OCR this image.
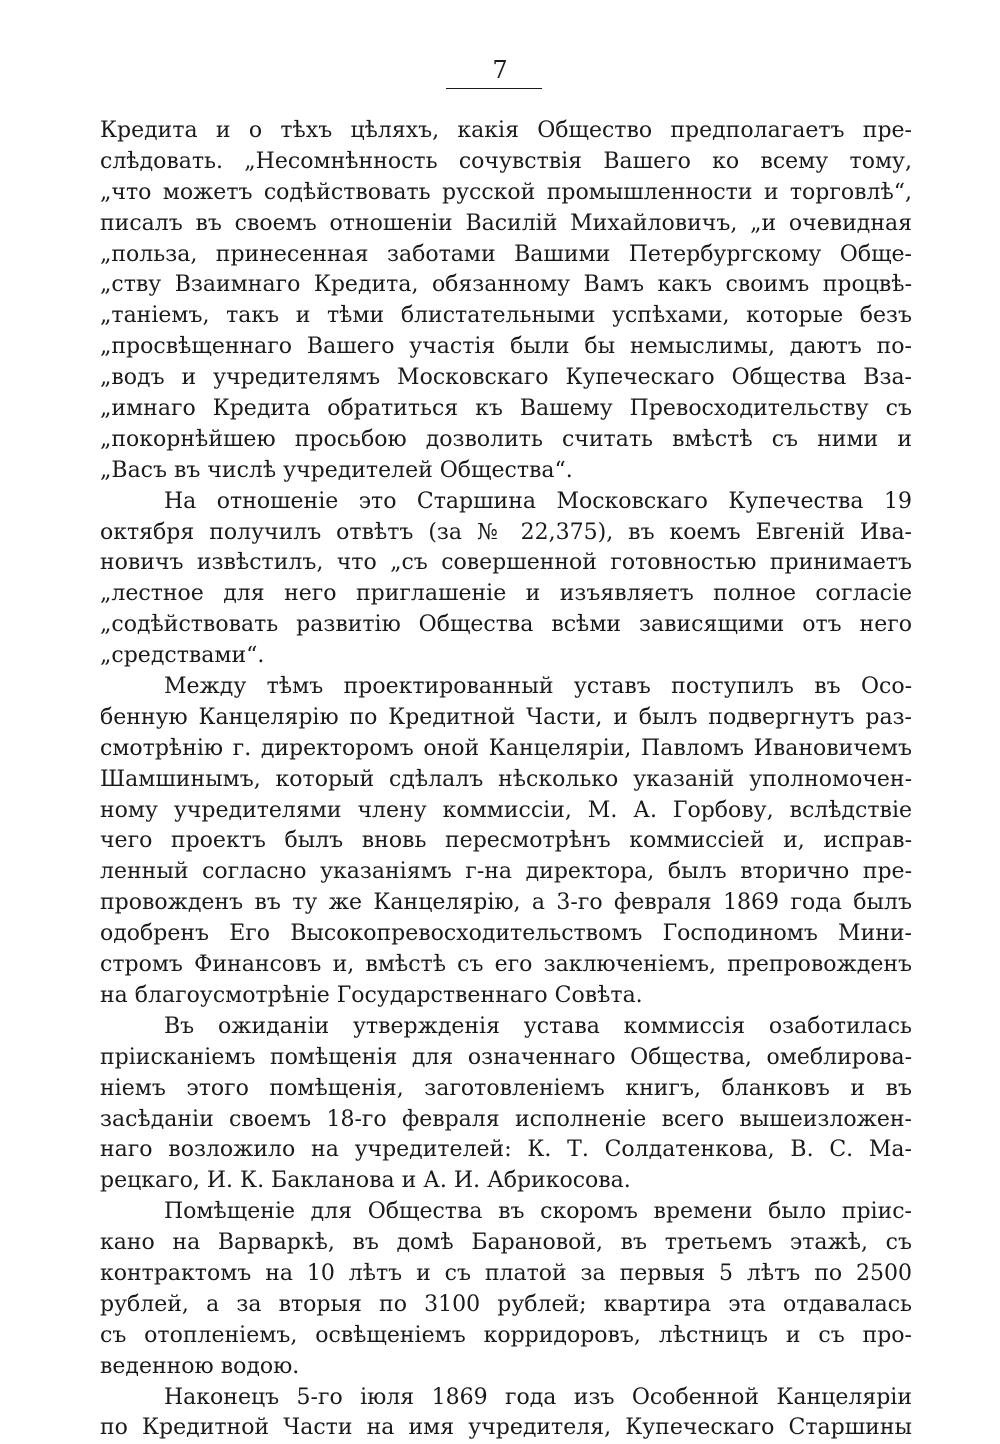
7
Кредита и о тѣхъ цѣляхъ, какія Общество предполагаетъ пре-
слѣдовать. „Несомнѣнность сочувствія Вашего ко всему тому,
„что можетъ содѣйствовать русской промышленности и торговлѣ“,
писалъ въ своемъ отношеніи Василій Михайловичъ, „и очевидная
„польза, принесенная заботами Вашими Петербургскому Обще-
„ству Взаимнаго Кредита, обязанному Вамъ какъ своимъ процвѣ-
„таніемъ, такъ и тѣми блистательными успѣхами, которые безъ
„просвѣщеннаго Вашего участія были бы немыслимы, даютъ по-
„водъ и учредителямъ Московскаго Купеческаго Общества Вза-
„имнаго Кредита обратиться къ Вашему Превосходительству съ
„покорнѣйшею просьбою дозволить считать вмѣстѣ съ ними и
„Васъ въ числѣ учредителей Общества“.
На отношеніе это Старшина Московскаго Купечества 19
октября получилъ отвѣтъ (за № 22,375), въ коемъ Евгеній Ива-
новичъ извѣстилъ, что „съ совершенной готовностью принимаетъ
„лестное для него приглашеніе и изъявляетъ полное согласіе
„содѣйствовать развитію Общества всѣми зависящими отъ него
„средствами“.
Между тѣмъ проектированный уставъ поступилъ въ Осо-
бенную Канцелярію по Кредитной Части, и былъ подвергнутъ раз-
смотрѣнію г. директоромъ оной Канцеляріи, Павломъ Ивановичемъ
Шамшинымъ, который сдѣлалъ нѣсколько указаній уполномочен-
ному учредителями члену коммиссіи, М. А. Горбову, вслѣдствіе
чего проектъ былъ вновь пересмотрѣнъ коммиссіей и, исправ-
ленный согласно указаніямъ г-на директора, былъ вторично пре-
провожденъ въ ту же Канцелярію, а 3-го февраля 1869 года былъ
одобренъ Его Высокопревосходительствомъ Господиномъ Мини-
стромъ Финансовъ и, вмѣстѣ съ его заключеніемъ, препровожденъ
на благоусмотрѣніе Государственнаго Совѣта.
Въ ожиданіи утвержденія устава коммиссія озаботилась
пріисканіемъ помѣщенія для означеннаго Общества, омеблирова-
ніемъ этого помѣщенія, заготовленіемъ книгъ, бланковъ и въ
засѣданіи своемъ 18-го февраля исполненіе всего вышеизложен-
наго возложило на учредителей: К. Т. Солдатенкова, В. С. Ма-
рецкаго, И. К. Бакланова и А. И. Абрикосова.
Помѣщеніе для Общества въ скоромъ времени было пріис-
кано на Варваркѣ, въ домѣ Барановой, въ третьемъ этажѣ, съ
контрактомъ на 10 лѣтъ и съ платой за первыя 5 лѣтъ по 2500
рублей, а за вторыя по 3100 рублей; квартира эта отдавалась
съ отопленіемъ, освѣщеніемъ корридоровъ, лѣстницъ и съ про-
веденною водою.
Наконецъ 5-го іюля 1869 года изъ Особенной Канцеляріи
по Кредитной Части на имя учредителя, Купеческаго Старшины
